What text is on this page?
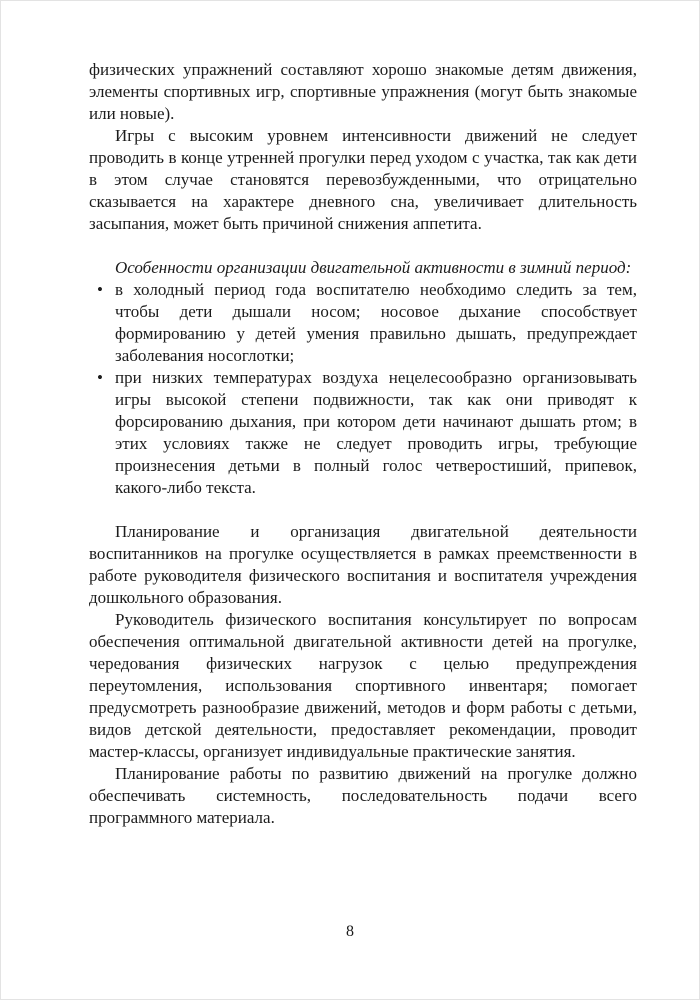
физических упражнений составляют хорошо знакомые детям движения, элементы спортивных игр, спортивные упражнения (могут быть знакомые или новые).

Игры с высоким уровнем интенсивности движений не следует проводить в конце утренней прогулки перед уходом с участка, так как дети в этом случае становятся перевозбужденными, что отрицательно сказывается на характере дневного сна, увеличивает длительность засыпания, может быть причиной снижения аппетита.

Особенности организации двигательной активности в зимний период:

• в холодный период года воспитателю необходимо следить за тем, чтобы дети дышали носом; носовое дыхание способствует формированию у детей умения правильно дышать, предупреждает заболевания носоглотки;
• при низких температурах воздуха нецелесообразно организовывать игры высокой степени подвижности, так как они приводят к форсированию дыхания, при котором дети начинают дышать ртом; в этих условиях также не следует проводить игры, требующие произнесения детьми в полный голос четверостиший, припевок, какого-либо текста.

Планирование и организация двигательной деятельности воспитанников на прогулке осуществляется в рамках преемственности в работе руководителя физического воспитания и воспитателя учреждения дошкольного образования.

Руководитель физического воспитания консультирует по вопросам обеспечения оптимальной двигательной активности детей на прогулке, чередования физических нагрузок с целью предупреждения переутомления, использования спортивного инвентаря; помогает предусмотреть разнообразие движений, методов и форм работы с детьми, видов детской деятельности, предоставляет рекомендации, проводит мастер-классы, организует индивидуальные практические занятия.

Планирование работы по развитию движений на прогулке должно обеспечивать системность, последовательность подачи всего программного материала.

8
